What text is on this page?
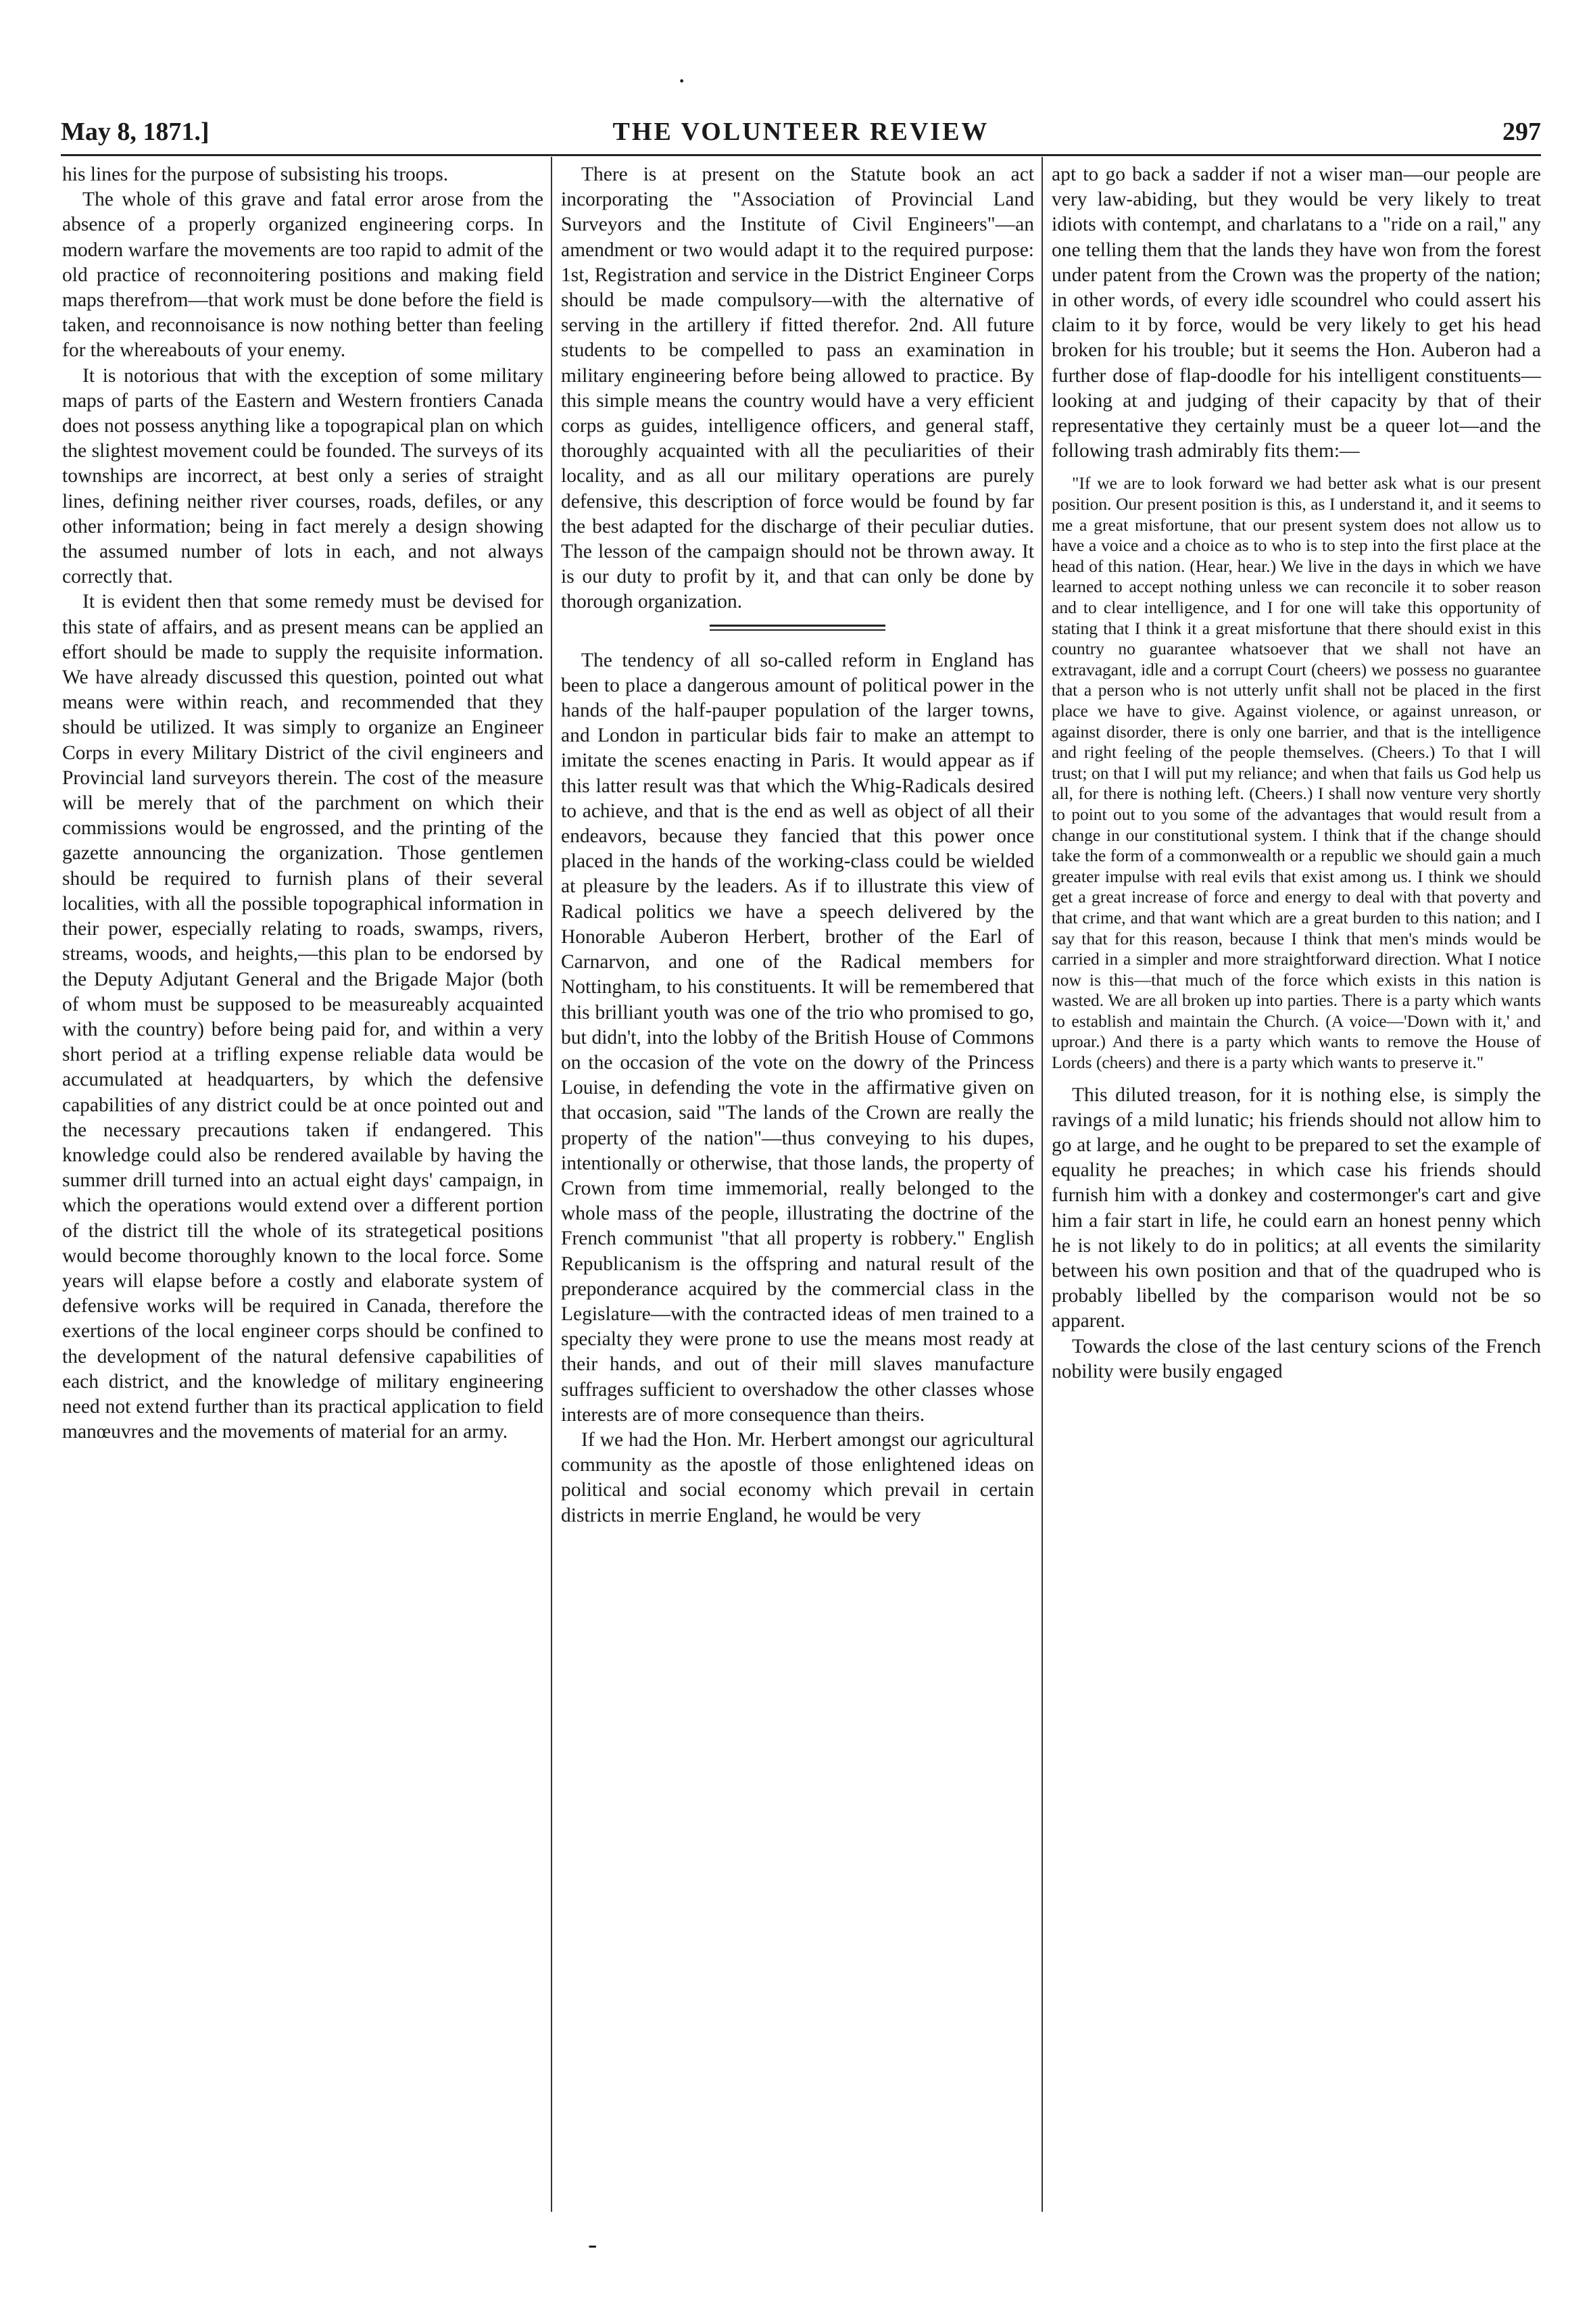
May 8, 1871.]	THE VOLUNTEER REVIEW	297
·

his lines for the purpose of subsisting his troops.

The whole of this grave and fatal error arose from the absence of a properly organized engineering corps. In modern warfare the movements are too rapid to admit of the old practice of reconnoitering positions and making field maps therefrom—that work must be done before the field is taken, and reconnoisance is now nothing better than feeling for the whereabouts of your enemy.

It is notorious that with the exception of some military maps of parts of the Eastern and Western frontiers Canada does not possess anything like a topograpical plan on which the slightest movement could be founded. The surveys of its townships are incorrect, at best only a series of straight lines, defining neither river courses, roads, defiles, or any other information; being in fact merely a design showing the assumed number of lots in each, and not always correctly that.

It is evident then that some remedy must be devised for this state of affairs, and as present means can be applied an effort should be made to supply the requisite information. We have already discussed this question, pointed out what means were within reach, and recommended that they should be utilized. It was simply to organize an Engineer Corps in every Military District of the civil engineers and Provincial land surveyors therein. The cost of the measure will be merely that of the parchment on which their commissions would be engrossed, and the printing of the gazette announcing the organization. Those gentlemen should be required to furnish plans of their several localities, with all the possible topographical information in their power, especially relating to roads, swamps, rivers, streams, woods, and heights,—this plan to be endorsed by the Deputy Adjutant General and the Brigade Major (both of whom must be supposed to be measureably acquainted with the country) before being paid for, and within a very short period at a trifling expense reliable data would be accumulated at headquarters, by which the defensive capabilities of any district could be at once pointed out and the necessary precautions taken if endangered. This knowledge could also be rendered available by having the summer drill turned into an actual eight days' campaign, in which the operations would extend over a different portion of the district till the whole of its strategetical positions would become thoroughly known to the local force. Some years will elapse before a costly and elaborate system of defensive works will be required in Canada, therefore the exertions of the local engineer corps should be confined to the development of the natural defensive capabilities of each district, and the knowledge of military engineering need not extend further than its practical application to field manœuvres and the movements of material for an army.

There is at present on the Statute book an act incorporating the "Association of Provincial Land Surveyors and the Institute of Civil Engineers"—an amendment or two would adapt it to the required purpose: 1st, Registration and service in the District Engineer Corps should be made compulsory—with the alternative of serving in the artillery if fitted therefor. 2nd. All future students to be compelled to pass an examination in military engineering before being allowed to practice. By this simple means the country would have a very efficient corps as guides, intelligence officers, and general staff, thoroughly acquainted with all the peculiarities of their locality, and as all our military operations are purely defensive, this description of force would be found by far the best adapted for the discharge of their peculiar duties. The lesson of the campaign should not be thrown away. It is our duty to profit by it, and that can only be done by thorough organization.

The tendency of all so-called reform in England has been to place a dangerous amount of political power in the hands of the half-pauper population of the larger towns, and London in particular bids fair to make an attempt to imitate the scenes enacting in Paris. It would appear as if this latter result was that which the Whig-Radicals desired to achieve, and that is the end as well as object of all their endeavors, because they fancied that this power once placed in the hands of the working-class could be wielded at pleasure by the leaders. As if to illustrate this view of Radical politics we have a speech delivered by the Honorable Auberon Herbert, brother of the Earl of Carnarvon, and one of the Radical members for Nottingham, to his constituents. It will be remembered that this brilliant youth was one of the trio who promised to go, but didn't, into the lobby of the British House of Commons on the occasion of the vote on the dowry of the Princess Louise, in defending the vote in the affirmative given on that occasion, said "The lands of the Crown are really the property of the nation"—thus conveying to his dupes, intentionally or otherwise, that those lands, the property of Crown from time immemorial, really belonged to the whole mass of the people, illustrating the doctrine of the French communist "that all property is robbery." English Republicanism is the offspring and natural result of the preponderance acquired by the commercial class in the Legislature—with the contracted ideas of men trained to a specialty they were prone to use the means most ready at their hands, and out of their mill slaves manufacture suffrages sufficient to overshadow the other classes whose interests are of more consequence than theirs.

If we had the Hon. Mr. Herbert amongst our agricultural community as the apostle of those enlightened ideas on political and social economy which prevail in certain districts in merrie England, he would be very

apt to go back a sadder if not a wiser man—our people are very law-abiding, but they would be very likely to treat idiots with contempt, and charlatans to a "ride on a rail," any one telling them that the lands they have won from the forest under patent from the Crown was the property of the nation; in other words, of every idle scoundrel who could assert his claim to it by force, would be very likely to get his head broken for his trouble; but it seems the Hon. Auberon had a further dose of flap-doodle for his intelligent constituents—looking at and judging of their capacity by that of their representative they certainly must be a queer lot—and the following trash admirably fits them:—

"If we are to look forward we had better ask what is our present position. Our present position is this, as I understand it, and it seems to me a great misfortune, that our present system does not allow us to have a voice and a choice as to who is to step into the first place at the head of this nation. (Hear, hear.) We live in the days in which we have learned to accept nothing unless we can reconcile it to sober reason and to clear intelligence, and I for one will take this opportunity of stating that I think it a great misfortune that there should exist in this country no guarantee whatsoever that we shall not have an extravagant, idle and a corrupt Court (cheers) we possess no guarantee that a person who is not utterly unfit shall not be placed in the first place we have to give. Against violence, or against unreason, or against disorder, there is only one barrier, and that is the intelligence and right feeling of the people themselves. (Cheers.) To that I will trust; on that I will put my reliance; and when that fails us God help us all, for there is nothing left. (Cheers.) I shall now venture very shortly to point out to you some of the advantages that would result from a change in our constitutional system. I think that if the change should take the form of a commonwealth or a republic we should gain a much greater impulse with real evils that exist among us. I think we should get a great increase of force and energy to deal with that poverty and that crime, and that want which are a great burden to this nation; and I say that for this reason, because I think that men's minds would be carried in a simpler and more straightforward direction. What I notice now is this—that much of the force which exists in this nation is wasted. We are all broken up into parties. There is a party which wants to establish and maintain the Church. (A voice—'Down with it,' and uproar.) And there is a party which wants to remove the House of Lords (cheers) and there is a party which wants to preserve it."

This diluted treason, for it is nothing else, is simply the ravings of a mild lunatic; his friends should not allow him to go at large, and he ought to be prepared to set the example of equality he preaches; in which case his friends should furnish him with a donkey and costermonger's cart and give him a fair start in life, he could earn an honest penny which he is not likely to do in politics; at all events the similarity between his own position and that of the quadruped who is probably libelled by the comparison would not be so apparent.

Towards the close of the last century scions of the French nobility were busily engaged

‐
